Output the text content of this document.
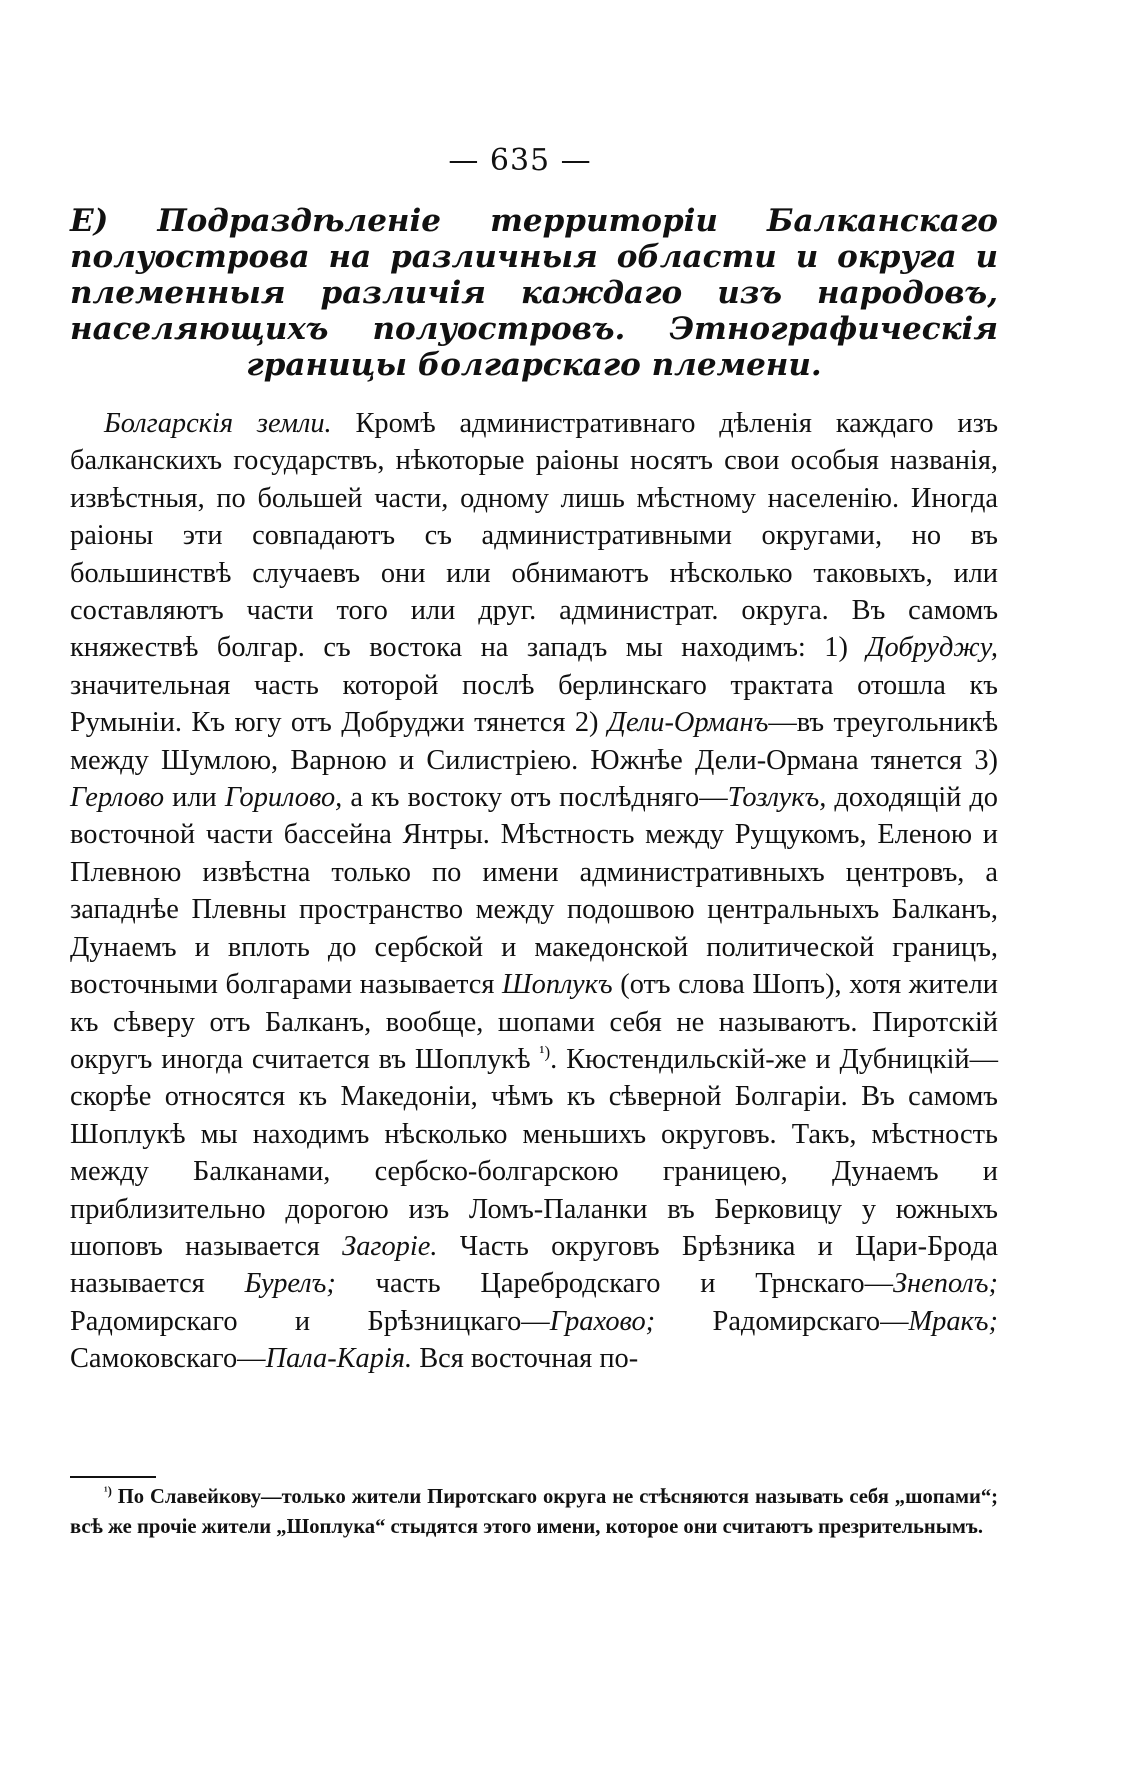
— 635 —
E) Подраздѣленіе территоріи Балканскаго полуострова на различныя области и округа и племенныя различія каждаго изъ народовъ, населяющихъ полуостровъ. Этнографическія границы болгарскаго племени.
Болгарскія земли. Кромѣ административнаго дѣленія каждаго изъ балканскихъ государствъ, нѣкоторые раіоны носятъ свои особыя названія, извѣстныя, по большей части, одному лишь мѣстному населенію. Иногда раіоны эти совпадаютъ съ административными округами, но въ большинствѣ случаевъ они или обнимаютъ нѣсколько таковыхъ, или составляютъ части того или друг. администрат. округа. Въ самомъ княжествѣ болгар. съ востока на западъ мы находимъ: 1) Добруджу, значительная часть которой послѣ берлинскаго трактата отошла къ Румыніи. Къ югу отъ Добруджи тянется 2) Дели-Орманъ—въ треугольникѣ между Шумлою, Варною и Силистріею. Южнѣе Дели-Ормана тянется 3) Герлово или Горилово, а къ востоку отъ послѣдняго—Тозлукъ, доходящій до восточной части бассейна Янтры. Мѣстность между Рущукомъ, Еленою и Плевною извѣстна только по имени административныхъ центровъ, а западнѣе Плевны пространство между подошвою центральныхъ Балканъ, Дунаемъ и вплоть до сербской и македонской политической границъ, восточными болгарами называется Шоплукъ (отъ слова Шопъ), хотя жители къ сѣверу отъ Балканъ, вообще, шопами себя не называютъ. Пиротскій округъ иногда считается въ Шоплукѣ $^{^1)}$. Кюстендильскій-же и Дубницкій—скорѣе относятся къ Македоніи, чѣмъ къ сѣверной Болгаріи. Въ самомъ Шоплукѣ мы находимъ нѣсколько меньшихъ округовъ. Такъ, мѣстность между Балканами, сербско-болгарскою границею, Дунаемъ и приблизительно дорогою изъ Ломъ-Паланки въ Берковицу у южныхъ шоповъ называется Загоріе. Часть округовъ Брѣзника и Цари-Брода называется Бурелъ; часть Царебродскаго и Трнскаго—Знеполъ; Радомирскаго и Брѣзницкаго—Грахово; Радомирскаго—Мракъ; Самоковскаго—Пала-Карія. Вся восточная по-
$^{^1)}$ По Славейкову—только жители Пиротскаго округа не стѣсняются называть себя „шопами“; всѣ же прочіе жители „Шоплука“ стыдятся этого имени, которое они считаютъ презрительнымъ.
